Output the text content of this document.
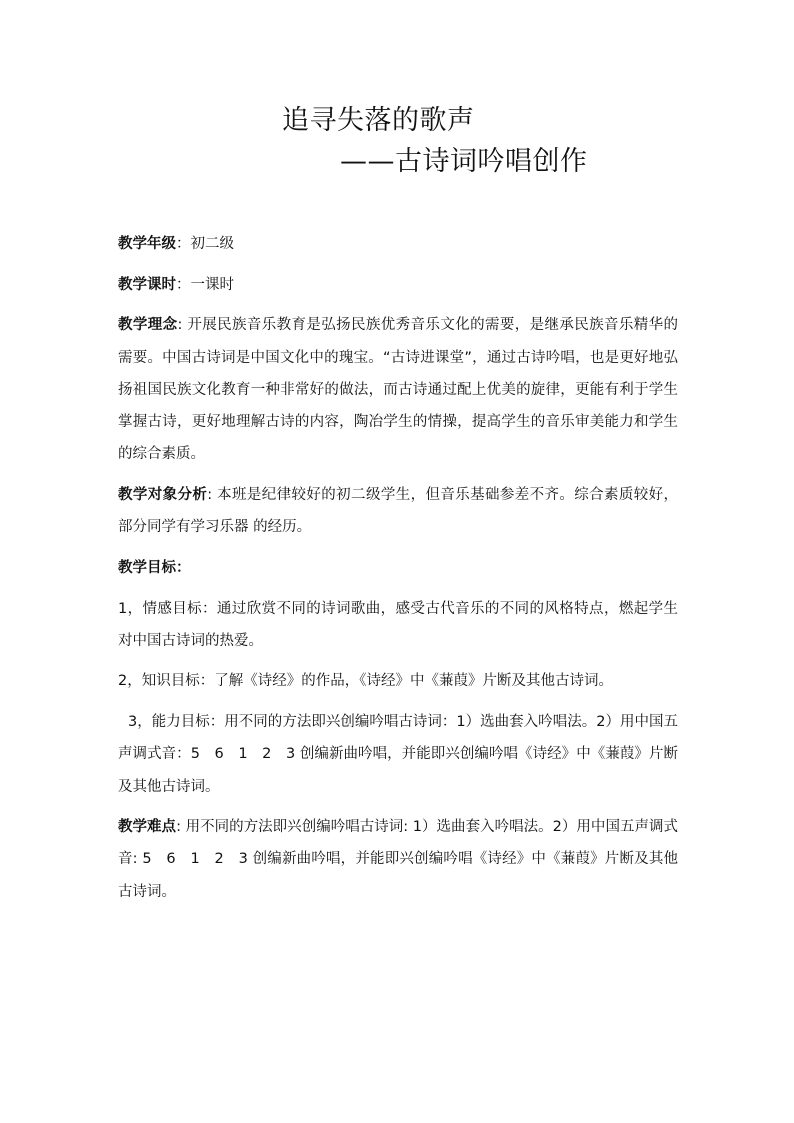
追寻失落的歌声
——古诗词吟唱创作

教学年级：初二级

教学课时：一课时

教学理念: 开展民族音乐教育是弘扬民族优秀音乐文化的需要，是继承民族音乐精华的需要。中国古诗词是中国文化中的瑰宝。“古诗进课堂”，通过古诗吟唱，也是更好地弘扬祖国民族文化教育一种非常好的做法，而古诗通过配上优美的旋律，更能有利于学生掌握古诗，更好地理解古诗的内容，陶冶学生的情操，提高学生的音乐审美能力和学生的综合素质。

教学对象分析: 本班是纪律较好的初二级学生，但音乐基础参差不齐。综合素质较好，部分同学有学习乐器 的经历。

教学目标：

1，情感目标：通过欣赏不同的诗词歌曲，感受古代音乐的不同的风格特点，燃起学生对中国古诗词的热爱。

2，知识目标：了解《诗经》的作品，《诗经》中《蒹葭》片断及其他古诗词。

3，能力目标：用不同的方法即兴创编吟唱古诗词：1）选曲套入吟唱法。2）用中国五声调式音：5　6　1　2　3 创编新曲吟唱，并能即兴创编吟唱《诗经》中《蒹葭》片断及其他古诗词。

教学难点: 用不同的方法即兴创编吟唱古诗词: 1）选曲套入吟唱法。2）用中国五声调式音: 5　6　1　2　3 创编新曲吟唱，并能即兴创编吟唱《诗经》中《蒹葭》片断及其他古诗词。
